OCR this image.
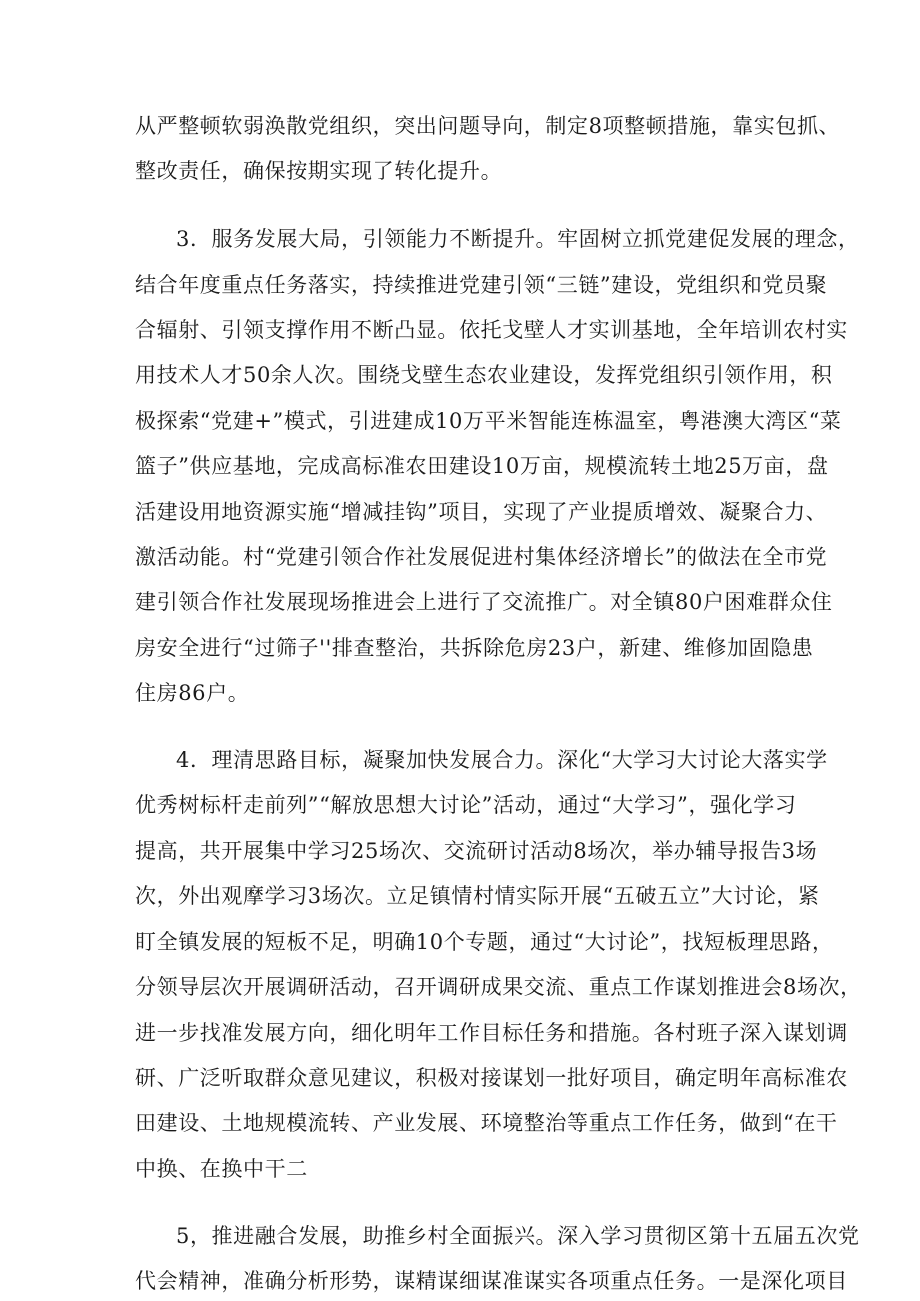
从严整顿软弱涣散党组织，突出问题导向，制定8项整顿措施，靠实包抓、
整改责任，确保按期实现了转化提升。
3．服务发展大局，引领能力不断提升。牢固树立抓党建促发展的理念，
结合年度重点任务落实，持续推进党建引领“三链”建设，党组织和党员聚
合辐射、引领支撑作用不断凸显。依托戈壁人才实训基地，全年培训农村实
用技术人才50余人次。围绕戈壁生态农业建设，发挥党组织引领作用，积
极探索“党建+”模式，引进建成10万平米智能连栋温室，粤港澳大湾区“菜
篮子”供应基地，完成高标准农田建设10万亩，规模流转土地25万亩，盘
活建设用地资源实施“增减挂钩”项目，实现了产业提质增效、凝聚合力、
激活动能。村“党建引领合作社发展促进村集体经济增长”的做法在全市党
建引领合作社发展现场推进会上进行了交流推广。对全镇80户困难群众住
房安全进行“过筛子''排查整治，共拆除危房23户，新建、维修加固隐患
住房86户。
4．理清思路目标，凝聚加快发展合力。深化“大学习大讨论大落实学
优秀树标杆走前列”“解放思想大讨论”活动，通过“大学习”，强化学习
提高，共开展集中学习25场次、交流研讨活动8场次，举办辅导报告3场
次，外出观摩学习3场次。立足镇情村情实际开展“五破五立”大讨论，紧
盯全镇发展的短板不足，明确10个专题，通过“大讨论”，找短板理思路，
分领导层次开展调研活动，召开调研成果交流、重点工作谋划推进会8场次，
进一步找准发展方向，细化明年工作目标任务和措施。各村班子深入谋划调
研、广泛听取群众意见建议，积极对接谋划一批好项目，确定明年高标准农
田建设、土地规模流转、产业发展、环境整治等重点工作任务，做到“在干
中换、在换中干二
5，推进融合发展，助推乡村全面振兴。深入学习贯彻区第十五届五次党
代会精神，准确分析形势，谋精谋细谋准谋实各项重点任务。一是深化项目
